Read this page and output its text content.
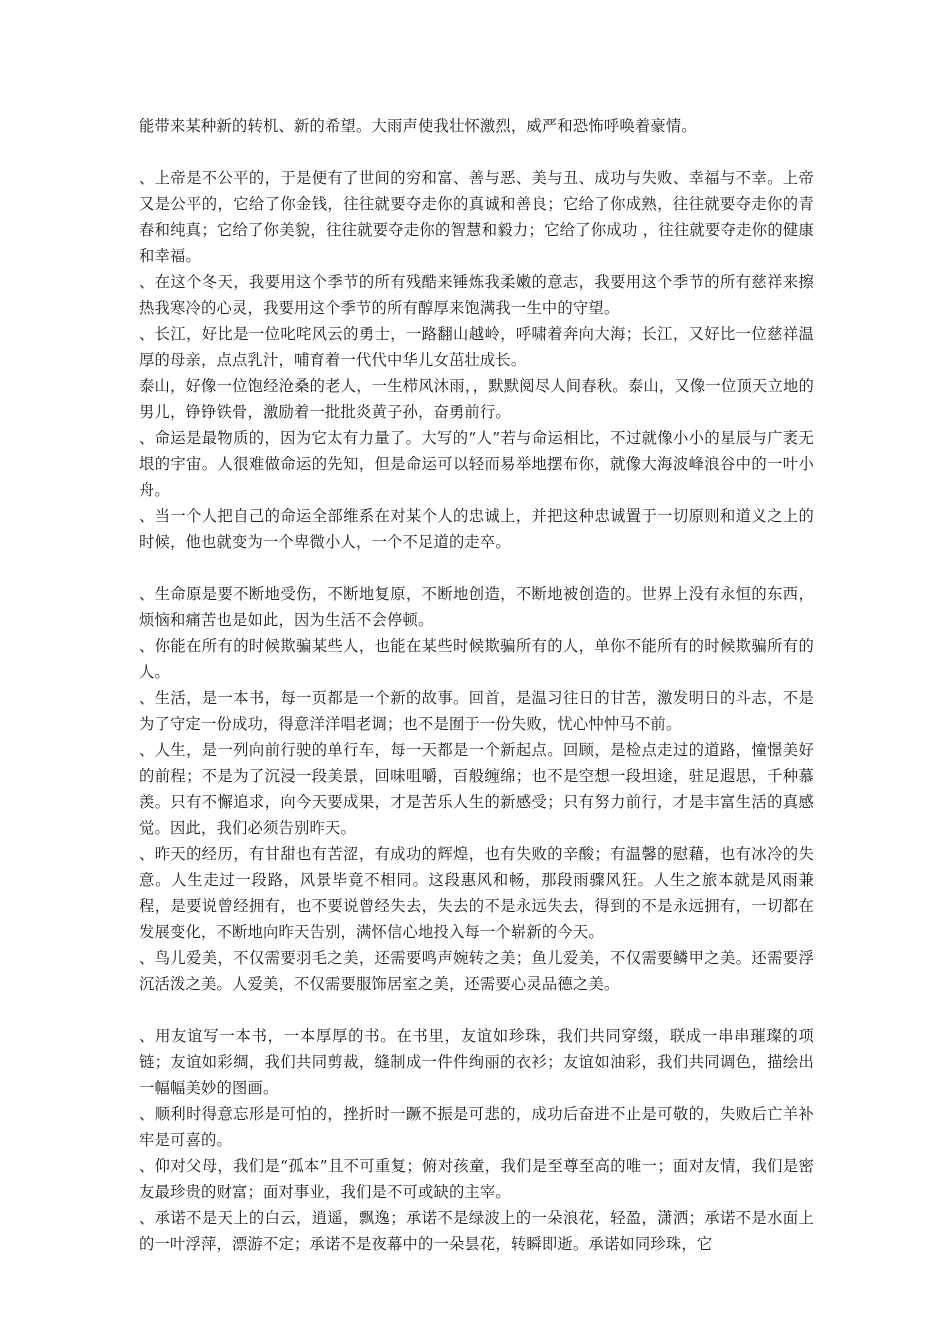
能带来某种新的转机、新的希望。大雨声使我壮怀激烈，威严和恐怖呼唤着豪情。

、上帝是不公平的，于是便有了世间的穷和富、善与恶、美与丑、成功与失败、幸福与不幸。上帝又是公平的，它给了你金钱，往往就要夺走你的真诚和善良；它给了你成熟，往往就要夺走你的青春和纯真；它给了你美貌，往往就要夺走你的智慧和毅力；它给了你成功 ，往往就要夺走你的健康和幸福。

、在这个冬天，我要用这个季节的所有残酷来锤炼我柔嫩的意志，我要用这个季节的所有慈祥来擦热我寒冷的心灵，我要用这个季节的所有醇厚来饱满我一生中的守望。

、长江，好比是一位叱咤风云的勇士，一路翻山越岭，呼啸着奔向大海；长江，又好比一位慈祥温厚的母亲，点点乳汁，哺育着一代代中华儿女茁壮成长。

泰山，好像一位饱经沧桑的老人，一生栉风沐雨，，默默阅尽人间春秋。泰山，又像一位顶天立地的男儿，铮铮铁骨，激励着一批批炎黄子孙，奋勇前行。

、命运是最物质的，因为它太有力量了。大写的“人”若与命运相比，不过就像小小的星辰与广袤无垠的宇宙。人很难做命运的先知，但是命运可以轻而易举地摆布你，就像大海波峰浪谷中的一叶小舟。

、当一个人把自己的命运全部维系在对某个人的忠诚上，并把这种忠诚置于一切原则和道义之上的时候，他也就变为一个卑微小人，一个不足道的走卒。

、生命原是要不断地受伤，不断地复原，不断地创造，不断地被创造的。世界上没有永恒的东西，烦恼和痛苦也是如此，因为生活不会停顿。

、你能在所有的时候欺骗某些人，也能在某些时候欺骗所有的人，单你不能所有的时候欺骗所有的人。

、生活，是一本书，每一页都是一个新的故事。回首，是温习往日的甘苦，激发明日的斗志，不是为了守定一份成功，得意洋洋唱老调；也不是囿于一份失败，忧心忡忡马不前。

、人生，是一列向前行驶的单行车，每一天都是一个新起点。回顾，是检点走过的道路，憧憬美好的前程；不是为了沉浸一段美景，回味咀嚼，百般缠绵；也不是空想一段坦途，驻足遐思，千种慕羡。只有不懈追求，向今天要成果，才是苦乐人生的新感受；只有努力前行，才是丰富生活的真感觉。因此，我们必须告别昨天。

、昨天的经历，有甘甜也有苦涩，有成功的辉煌，也有失败的辛酸；有温馨的慰藉，也有冰冷的失意。人生走过一段路，风景毕竟不相同。这段惠风和畅，那段雨骤风狂。人生之旅本就是风雨兼程，是要说曾经拥有，也不要说曾经失去，失去的不是永远失去，得到的不是永远拥有，一切都在发展变化，不断地向昨天告别，满怀信心地投入每一个崭新的今天。

、鸟儿爱美，不仅需要羽毛之美，还需要鸣声婉转之美；鱼儿爱美，不仅需要鳞甲之美。还需要浮沉活泼之美。人爱美，不仅需要服饰居室之美，还需要心灵品德之美。

、用友谊写一本书，一本厚厚的书。在书里，友谊如珍珠，我们共同穿缀，联成一串串璀璨的项链；友谊如彩绸，我们共同剪裁，缝制成一件件绚丽的衣衫；友谊如油彩，我们共同调色，描绘出一幅幅美妙的图画。

、顺利时得意忘形是可怕的，挫折时一蹶不振是可悲的，成功后奋进不止是可敬的，失败后亡羊补牢是可喜的。

、仰对父母，我们是“孤本”且不可重复；俯对孩童，我们是至尊至高的唯一；面对友情，我们是密友最珍贵的财富；面对事业，我们是不可或缺的主宰。

、承诺不是天上的白云，逍遥，飘逸；承诺不是绿波上的一朵浪花，轻盈，潇洒；承诺不是水面上的一叶浮萍，漂游不定；承诺不是夜幕中的一朵昙花，转瞬即逝。承诺如同珍珠，它
